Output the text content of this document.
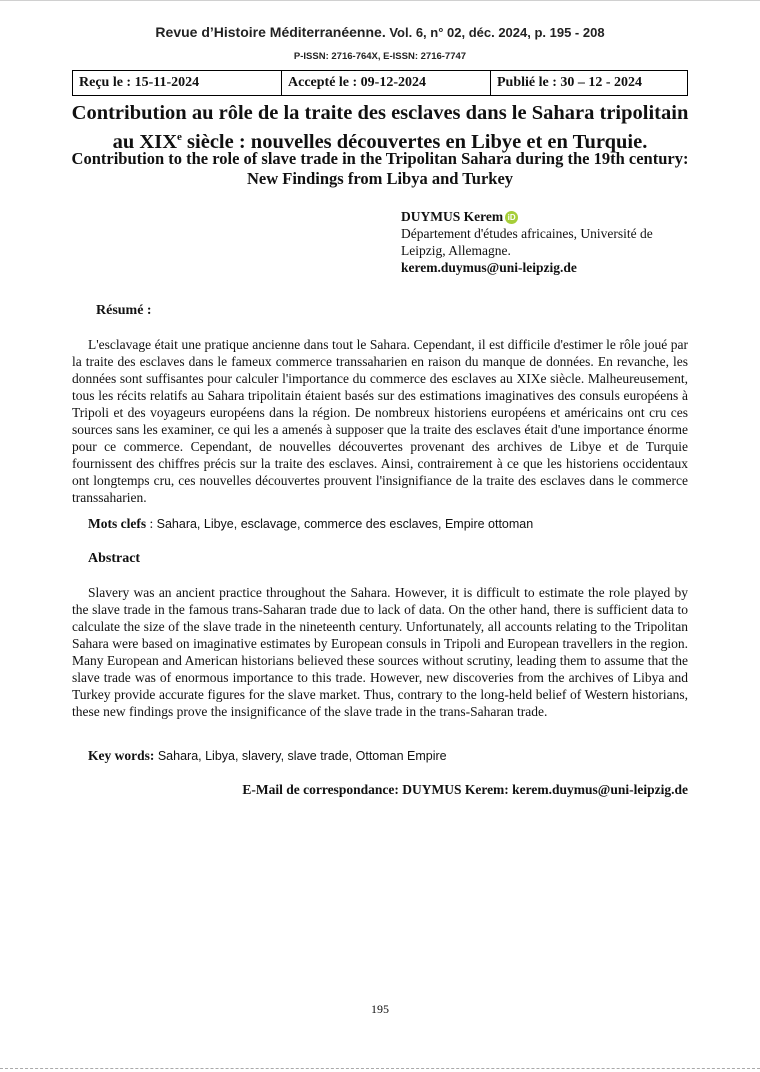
Revue d’Histoire Méditerranéenne. Vol. 6, n° 02, déc. 2024, p. 195 - 208
P-ISSN: 2716-764X, E-ISSN: 2716-7747
Reçu le : 15-11-2024	Accepté le : 09-12-2024	Publié le : 30 – 12 - 2024
Contribution au rôle de la traite des esclaves dans le Sahara tripolitain au XIXe siècle : nouvelles découvertes en Libye et en Turquie.
Contribution to the role of slave trade in the Tripolitan Sahara during the 19th century: New Findings from Libya and Turkey
DUYMUS Kerem iD
Département d'études africaines, Université de Leipzig, Allemagne.
kerem.duymus@uni-leipzig.de
Résumé :

L'esclavage était une pratique ancienne dans tout le Sahara. Cependant, il est difficile d'estimer le rôle joué par la traite des esclaves dans le fameux commerce transsaharien en raison du manque de données. En revanche, les données sont suffisantes pour calculer l'importance du commerce des esclaves au XIXe siècle. Malheureusement, tous les récits relatifs au Sahara tripolitain étaient basés sur des estimations imaginatives des consuls européens à Tripoli et des voyageurs européens dans la région. De nombreux historiens européens et américains ont cru ces sources sans les examiner, ce qui les a amenés à supposer que la traite des esclaves était d'une importance énorme pour ce commerce. Cependant, de nouvelles découvertes provenant des archives de Libye et de Turquie fournissent des chiffres précis sur la traite des esclaves. Ainsi, contrairement à ce que les historiens occidentaux ont longtemps cru, ces nouvelles découvertes prouvent l'insignifiance de la traite des esclaves dans le commerce transsaharien.

Mots clefs : Sahara, Libye, esclavage, commerce des esclaves, Empire ottoman
Abstract

Slavery was an ancient practice throughout the Sahara. However, it is difficult to estimate the role played by the slave trade in the famous trans-Saharan trade due to lack of data. On the other hand, there is sufficient data to calculate the size of the slave trade in the nineteenth century. Unfortunately, all accounts relating to the Tripolitan Sahara were based on imaginative estimates by European consuls in Tripoli and European travellers in the region. Many European and American historians believed these sources without scrutiny, leading them to assume that the slave trade was of enormous importance to this trade. However, new discoveries from the archives of Libya and Turkey provide accurate figures for the slave market. Thus, contrary to the long-held belief of Western historians, these new findings prove the insignificance of the slave trade in the trans-Saharan trade.

Key words: Sahara, Libya, slavery, slave trade, Ottoman Empire
E-Mail de correspondance: DUYMUS Kerem: kerem.duymus@uni-leipzig.de
195
